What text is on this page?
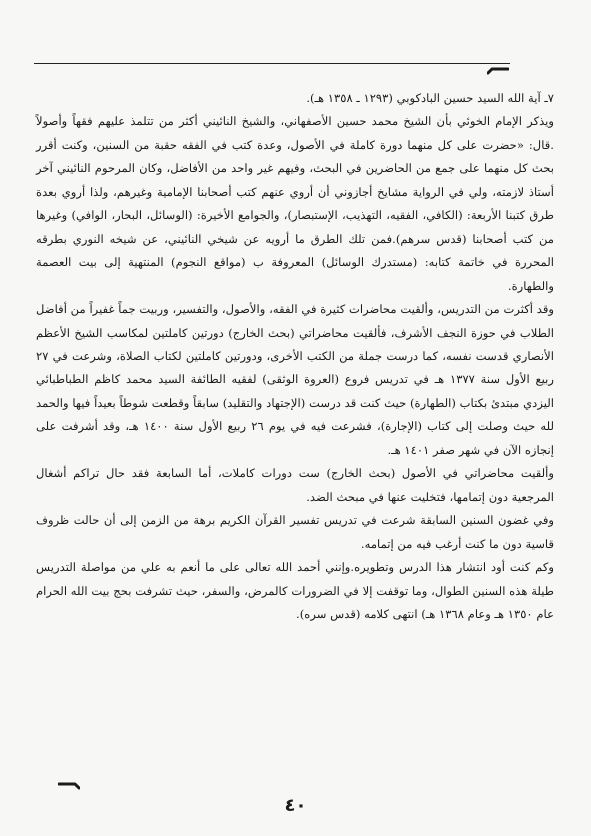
٧ـ آية الله السيد حسين البادكوبي (١٢٩٣ ـ ١٣٥٨ هـ).

ويذكر الإمام الخوئي بأن الشيخ محمد حسين الأصفهاني، والشيخ النائيني أكثر من تتلمذ عليهم فقهاً وأصولاً .قال: «حضرت على كل منهما دورة كاملة في الأصول، وعدة كتب في الفقه حقبة من السنين، وكنت أقرر بحث كل منهما على جمع من الحاضرين في البحث، وفيهم غير واحد من الأفاضل، وكان المرحوم النائيني آخر أستاذ لازمته، ولي في الرواية مشايخ أجازوني أن أروي عنهم كتب أصحابنا الإمامية وغيرهم، ولذا أروي بعدة طرق كتبنا الأربعة: (الكافي، الفقيه، التهذيب، الإستبصار)، والجوامع الأخيرة: (الوسائل، البحار، الوافي) وغيرها من كتب أصحابنا (قدس سرهم).فمن تلك الطرق ما أرويه عن شيخي النائيني، عن شيخه النوري بطرقه المحررة في خاتمة كتابه: (مستدرك الوسائل) المعروفة ب (مواقع النجوم) المنتهية إلى بيت العصمة والطهارة.

وقد أكثرت من التدريس، وألقيت محاضرات كثيرة في الفقه، والأصول، والتفسير، وربيت جماً غفيراً من أفاضل الطلاب في حوزة النجف الأشرف، فألقيت محاضراتي (بحث الخارج) دورتين كاملتين لمكاسب الشيخ الأعظم الأنصاري قدست نفسه، كما درست جملة من الكتب الأخرى، ودورتين كاملتين لكتاب الصلاة، وشرعت في ٢٧ ربيع الأول سنة ١٣٧٧ هـ في تدريس فروع (العروة الوثقى) لفقيه الطائفة السيد محمد كاظم الطباطبائي اليزدي مبتدئ بكتاب (الطهارة) حيث كنت قد درست (الإجتهاد والتقليد) سابقاً وقطعت شوطاً بعيداً فيها والحمد لله حيث وصلت إلى كتاب (الإجارة)، فشرعت فيه في يوم ٢٦ ربيع الأول سنة ١٤٠٠ هـ، وقد أشرفت على إنجازه الآن في شهر صفر ١٤٠١ هـ.

وألقيت محاضراتي في الأصول (بحث الخارج) ست دورات كاملات، أما السابعة فقد حال تراكم أشغال المرجعية دون إتمامها، فتخليت عنها في مبحث الضد.

وفي غضون السنين السابقة شرعت في تدريس تفسير القرآن الكريم برهة من الزمن إلى أن حالت ظروف قاسية دون ما كنت أرغب فيه من إتمامه.

وكم كنت أود انتشار هذا الدرس وتطويره.وإنني أحمد الله تعالى على ما أنعم به علي من مواصلة التدريس طيلة هذه السنين الطوال، وما توقفت إلا في الضرورات كالمرض، والسفر، حيث تشرفت بحج بيت الله الحرام عام ١٣٥٠ هـ وعام ١٣٦٨ هـ) انتهى كلامه (قدس سره).

٤٠
